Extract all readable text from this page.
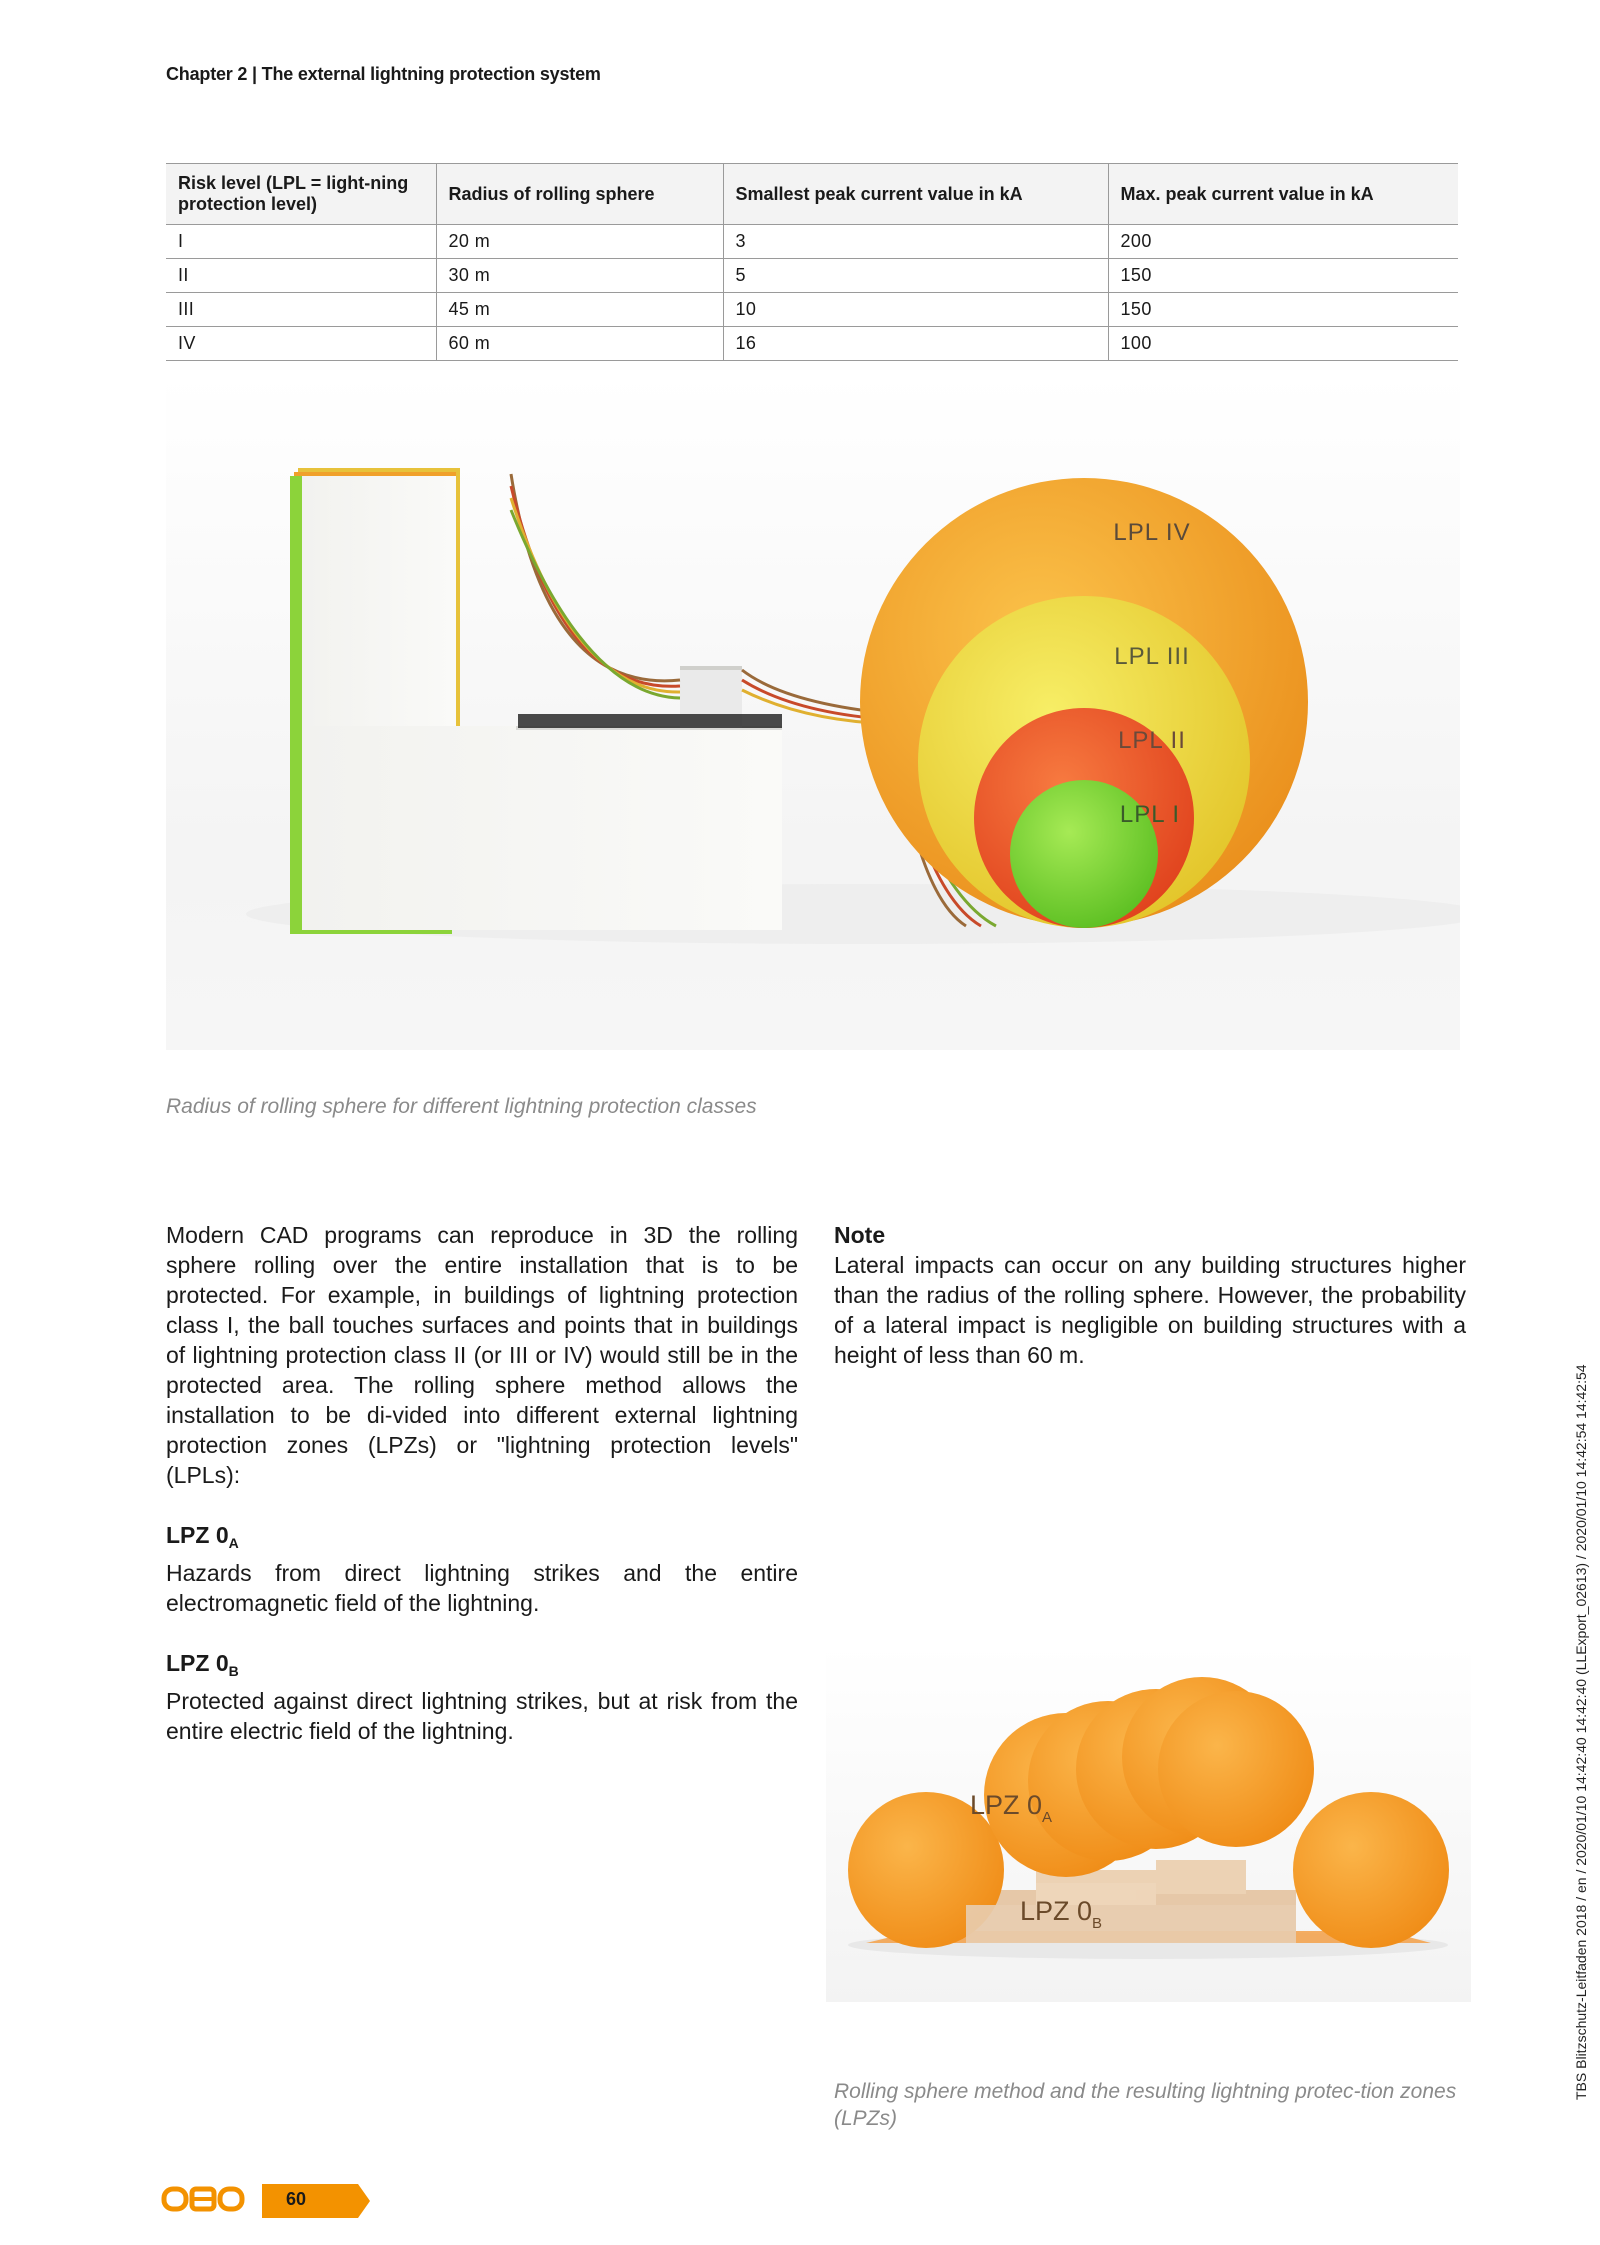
Chapter 2 | The external lightning protection system
Risk level (LPL = light-ning protection level)	Radius of rolling sphere	Smallest peak current value in kA	Max. peak current value in kA
I	20 m	3	200
II	30 m	5	150
III	45 m	10	150
IV	60 m	16	100
LPL IV
LPL III
LPL II
LPL I
Radius of rolling sphere for different lightning protection classes

Modern CAD programs can reproduce in 3D the rolling sphere rolling over the entire installation that is to be protected. For example, in buildings of lightning protection class I, the ball touches surfaces and points that in buildings of lightning protection class II (or III or IV) would still be in the protected area. The rolling sphere method allows the installation to be di-vided into different external lightning protection zones (LPZs) or "lightning protection levels" (LPLs):

LPZ $0_A$

Hazards from direct lightning strikes and the entire electromagnetic field of the lightning.

LPZ $0_B$

Protected against direct lightning strikes, but at risk from the entire electric field of the lightning.

Note

Lateral impacts can occur on any building structures higher than the radius of the rolling sphere. However, the probability of a lateral impact is negligible on building structures with a height of less than 60 m.

LPZ $0_A$
LPZ $0_B$
Rolling sphere method and the resulting lightning protec-tion zones (LPZs)
TBS Blitzschutz-Leitfaden 2018 / en / 2020/01/10 14:42:40 14:42:40 (LLExport_02613) / 2020/01/10 14:42:54 14:42:54
60
